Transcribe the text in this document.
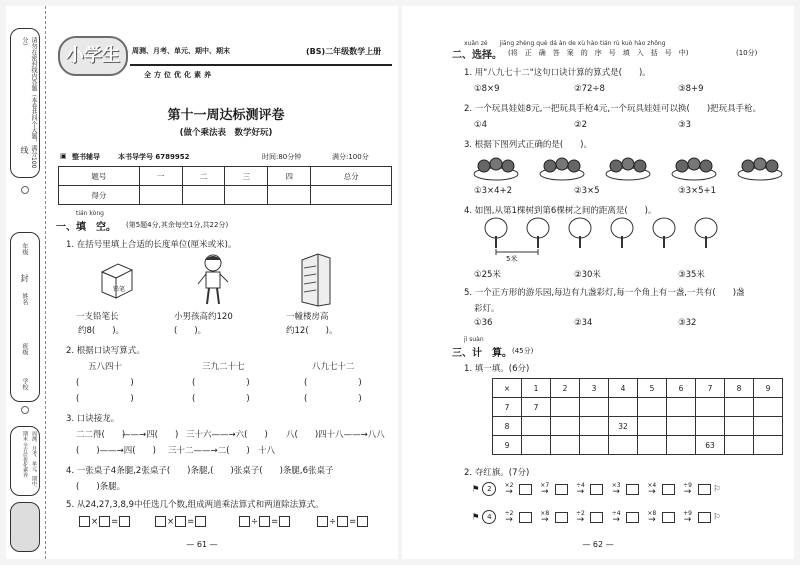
请勿在密封线内答题（本卷共四个大题，满分100分）
年级
姓名
班级
学校
线
封
周测、月考、单元、期中、期末 全方位优化素养
小学生	周测、月考、单元、期中、期末	(BS)二年级数学上册
全方位优化素养
第十一周达标测评卷
(做个乘法表　数学好玩)
▣ 整书辅导	本书导学号 6789952	时间:80分钟	满分:100分
题号	一	二	三	四	总分
得分					
tián kòng
一、填　空。 (第5题4分,其余每空1分,共22分)
1. 在括号里填上合适的长度单位(厘米或米)。
铅笔
一支铅笔长	小男孩高约120	一幢楼房高
约8(　　)。	(　　)。	约12(　　)。
2. 根据口诀写算式。
五八四十	三九二十七	八九七十二
(　　　　　　)
(　　　　　　)
(　　　　　　)
(　　　　　　)
(　　　　　　)
(　　　　　　)
3. 口诀接龙。
二二得(　　)
——→四(　　) 三十六——→六(　　) 八(　　)四十八——→八八
(　　)——→四(　　) 三十二——→二(　　) 十八
4. 一张桌子4条腿,2张桌子(　　)条腿,(　　)张桌子(　　)条腿,6张桌子
(　　)条腿。
5. 从24,27,3,8,9中任选几个数,组成两道乘法算式和两道除法算式。
× =	× =	÷ =	÷ =
— 61 —
xuǎn zé　　jiāng zhèng què dá àn de xù hào tián rù kuò hào zhōng
二、选择。 (将　正　确　答　案　的　序　号　填　入　括　号　中)	(10分)
1. 用"八九七十二"这句口诀计算的算式是(　　)。
①8×9	②72÷8	③8+9
2. 一个玩具娃娃8元,一把玩具手枪4元,一个玩具娃娃可以换(　　)把玩具手枪。
①4	②2	③3
3. 根据下图列式正确的是(　　)。
①3×4+2	②3×5	③3×5+1
4. 如图,从第1棵树到第6棵树之间的距离是(　　)。
5米
①25米	②30米	③35米
5. 一个正方形的游乐园,每边有九盏彩灯,每一个角上有一盏,一共有(　　)盏
彩灯。
①36	②34	③32
jì suàn
三、计　算。 (45分)
1. 填一填。(6分)
×	1	2	3	4	5	6	7	8	9
7	7								
8				32					
9							63		
2. 夺红旗。(7分)
⚑ 2 ×2 →	×7 →	÷4 →	×3 →	×4 →	÷9 →	⚐
⚑ 4 ÷2 →	×8 →	÷2 →	÷4 →	×8 →	+9 →	⚐
— 62 —
